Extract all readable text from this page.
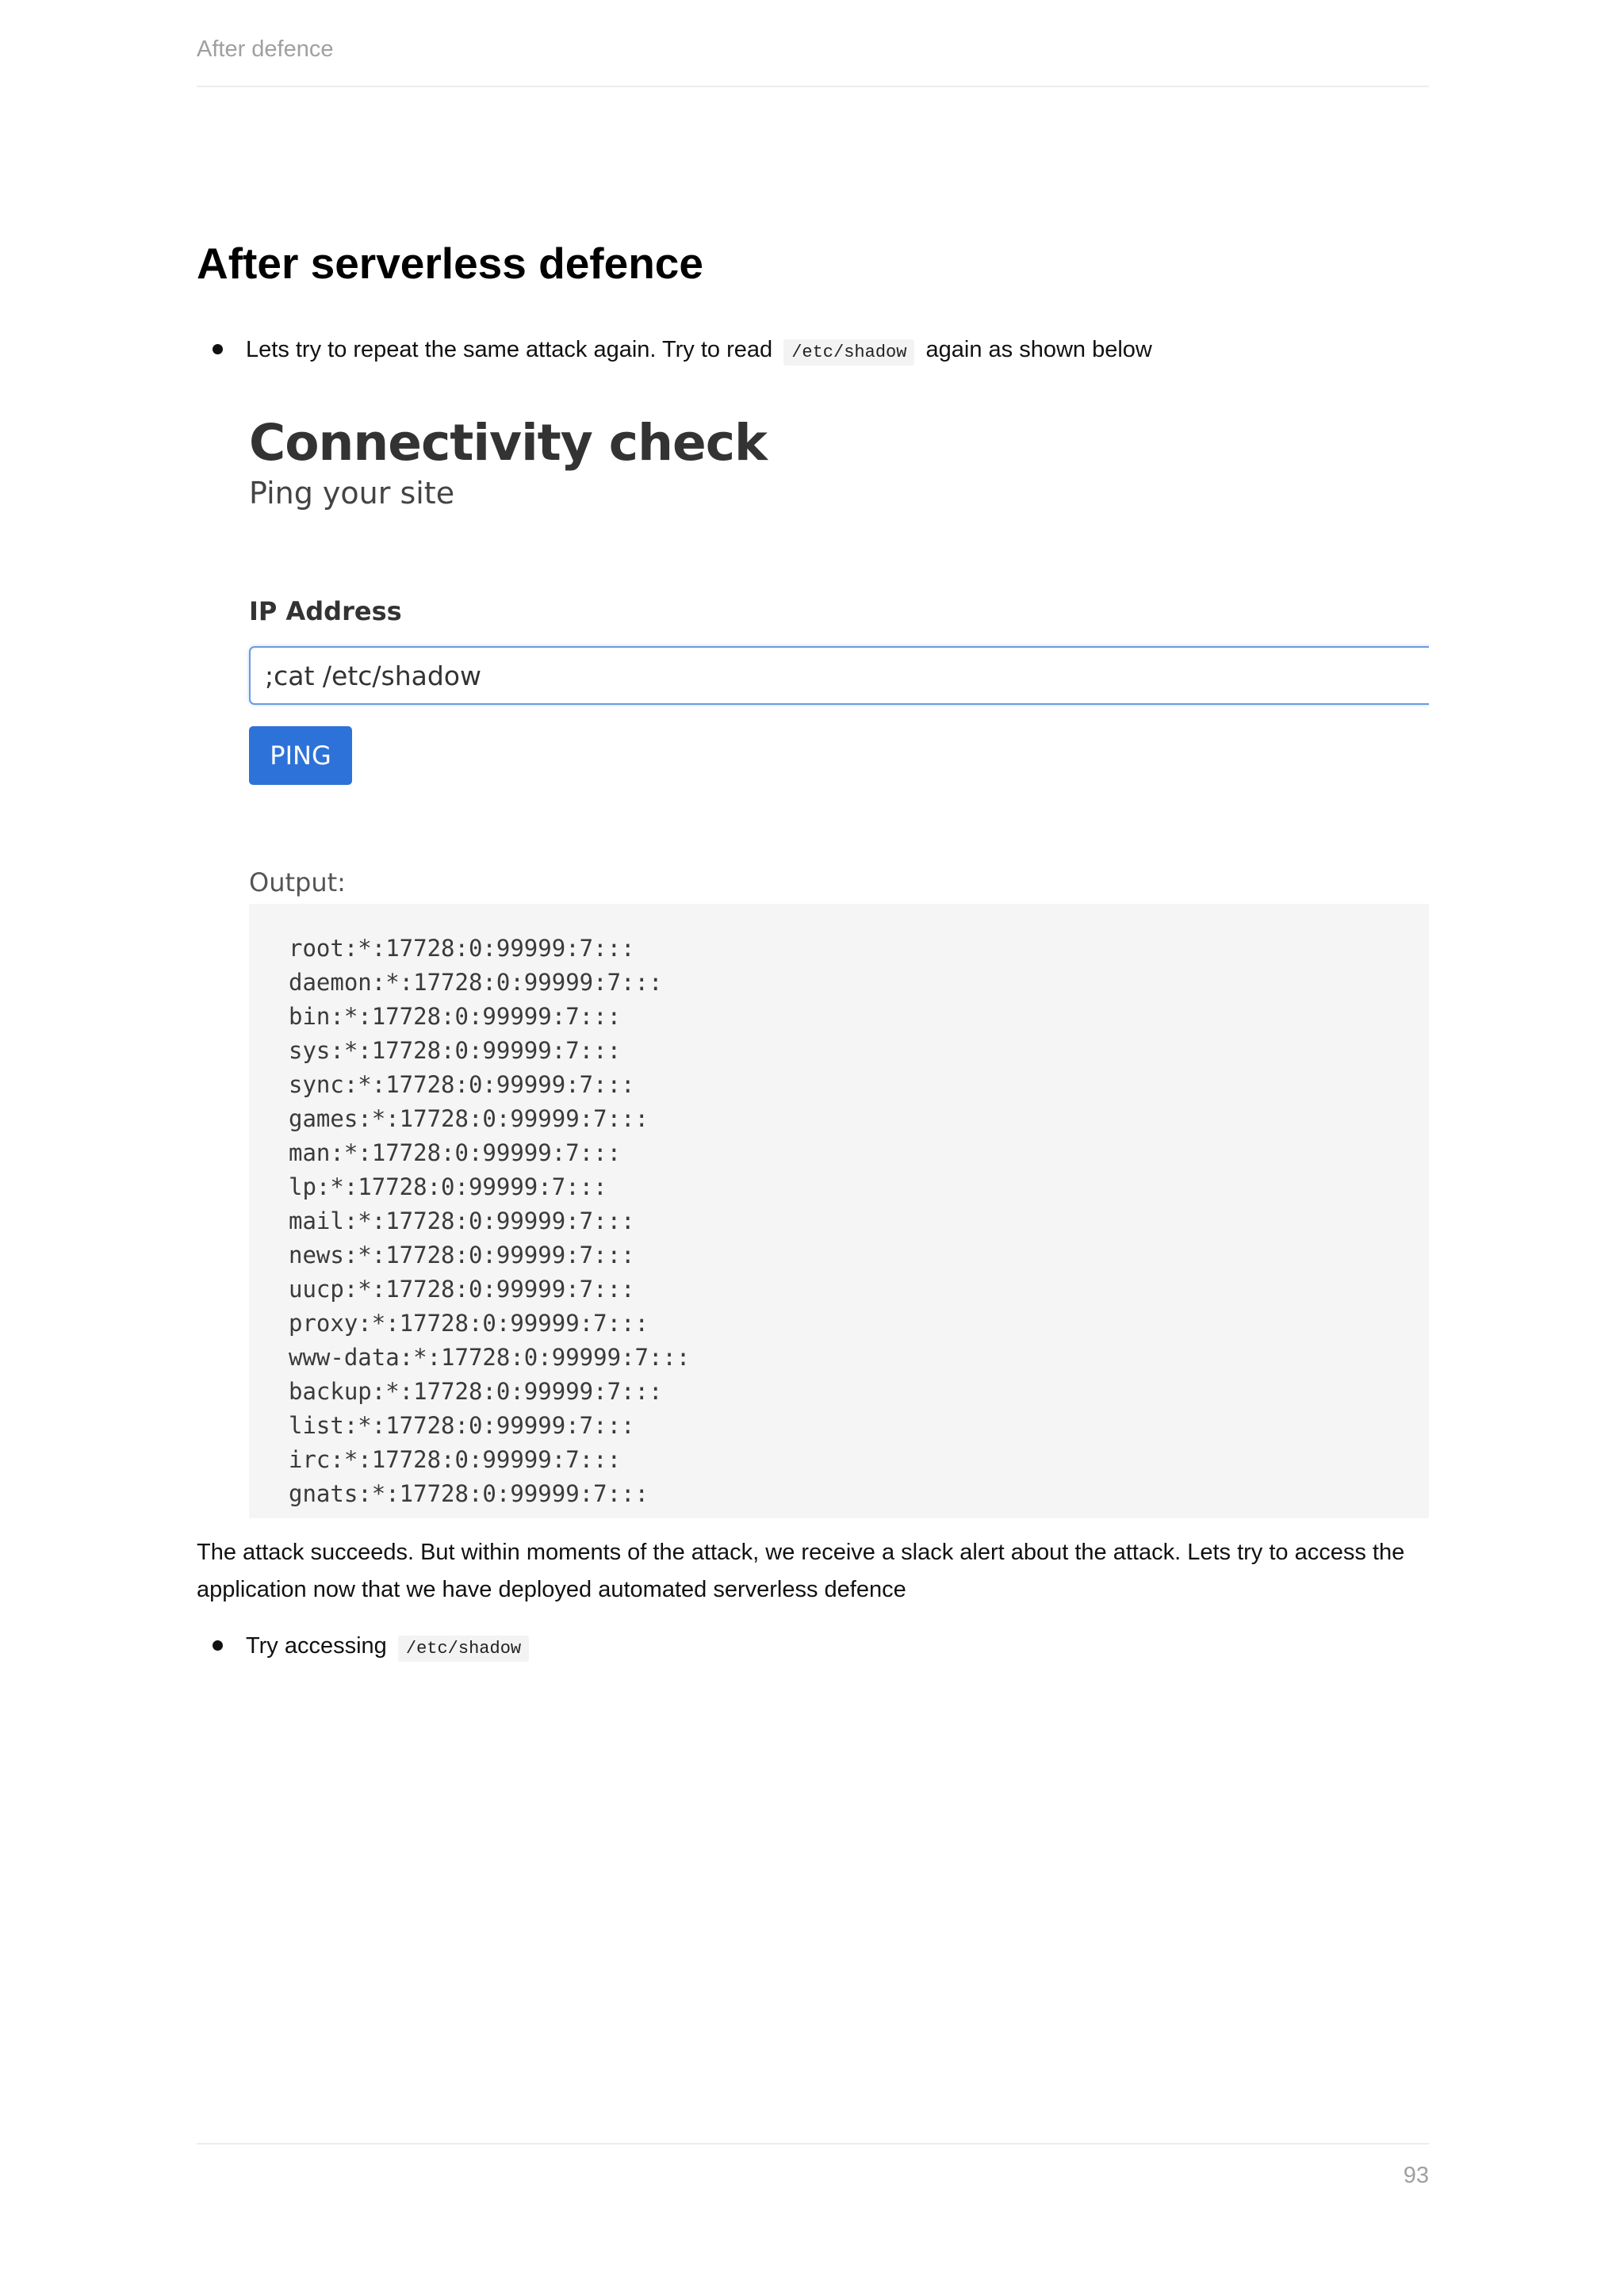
After defence
After serverless defence
Lets try to repeat the same attack again. Try to read /etc/shadow again as shown below
Connectivity check
Ping your site
IP Address
;cat /etc/shadow
PING
Output:
root:*:17728:0:99999:7:::
daemon:*:17728:0:99999:7:::
bin:*:17728:0:99999:7:::
sys:*:17728:0:99999:7:::
sync:*:17728:0:99999:7:::
games:*:17728:0:99999:7:::
man:*:17728:0:99999:7:::
lp:*:17728:0:99999:7:::
mail:*:17728:0:99999:7:::
news:*:17728:0:99999:7:::
uucp:*:17728:0:99999:7:::
proxy:*:17728:0:99999:7:::
www-data:*:17728:0:99999:7:::
backup:*:17728:0:99999:7:::
list:*:17728:0:99999:7:::
irc:*:17728:0:99999:7:::
gnats:*:17728:0:99999:7:::

The attack succeeds. But within moments of the attack, we receive a slack alert about the attack. Lets try to access the application now that we have deployed automated serverless defence

Try accessing /etc/shadow
93
